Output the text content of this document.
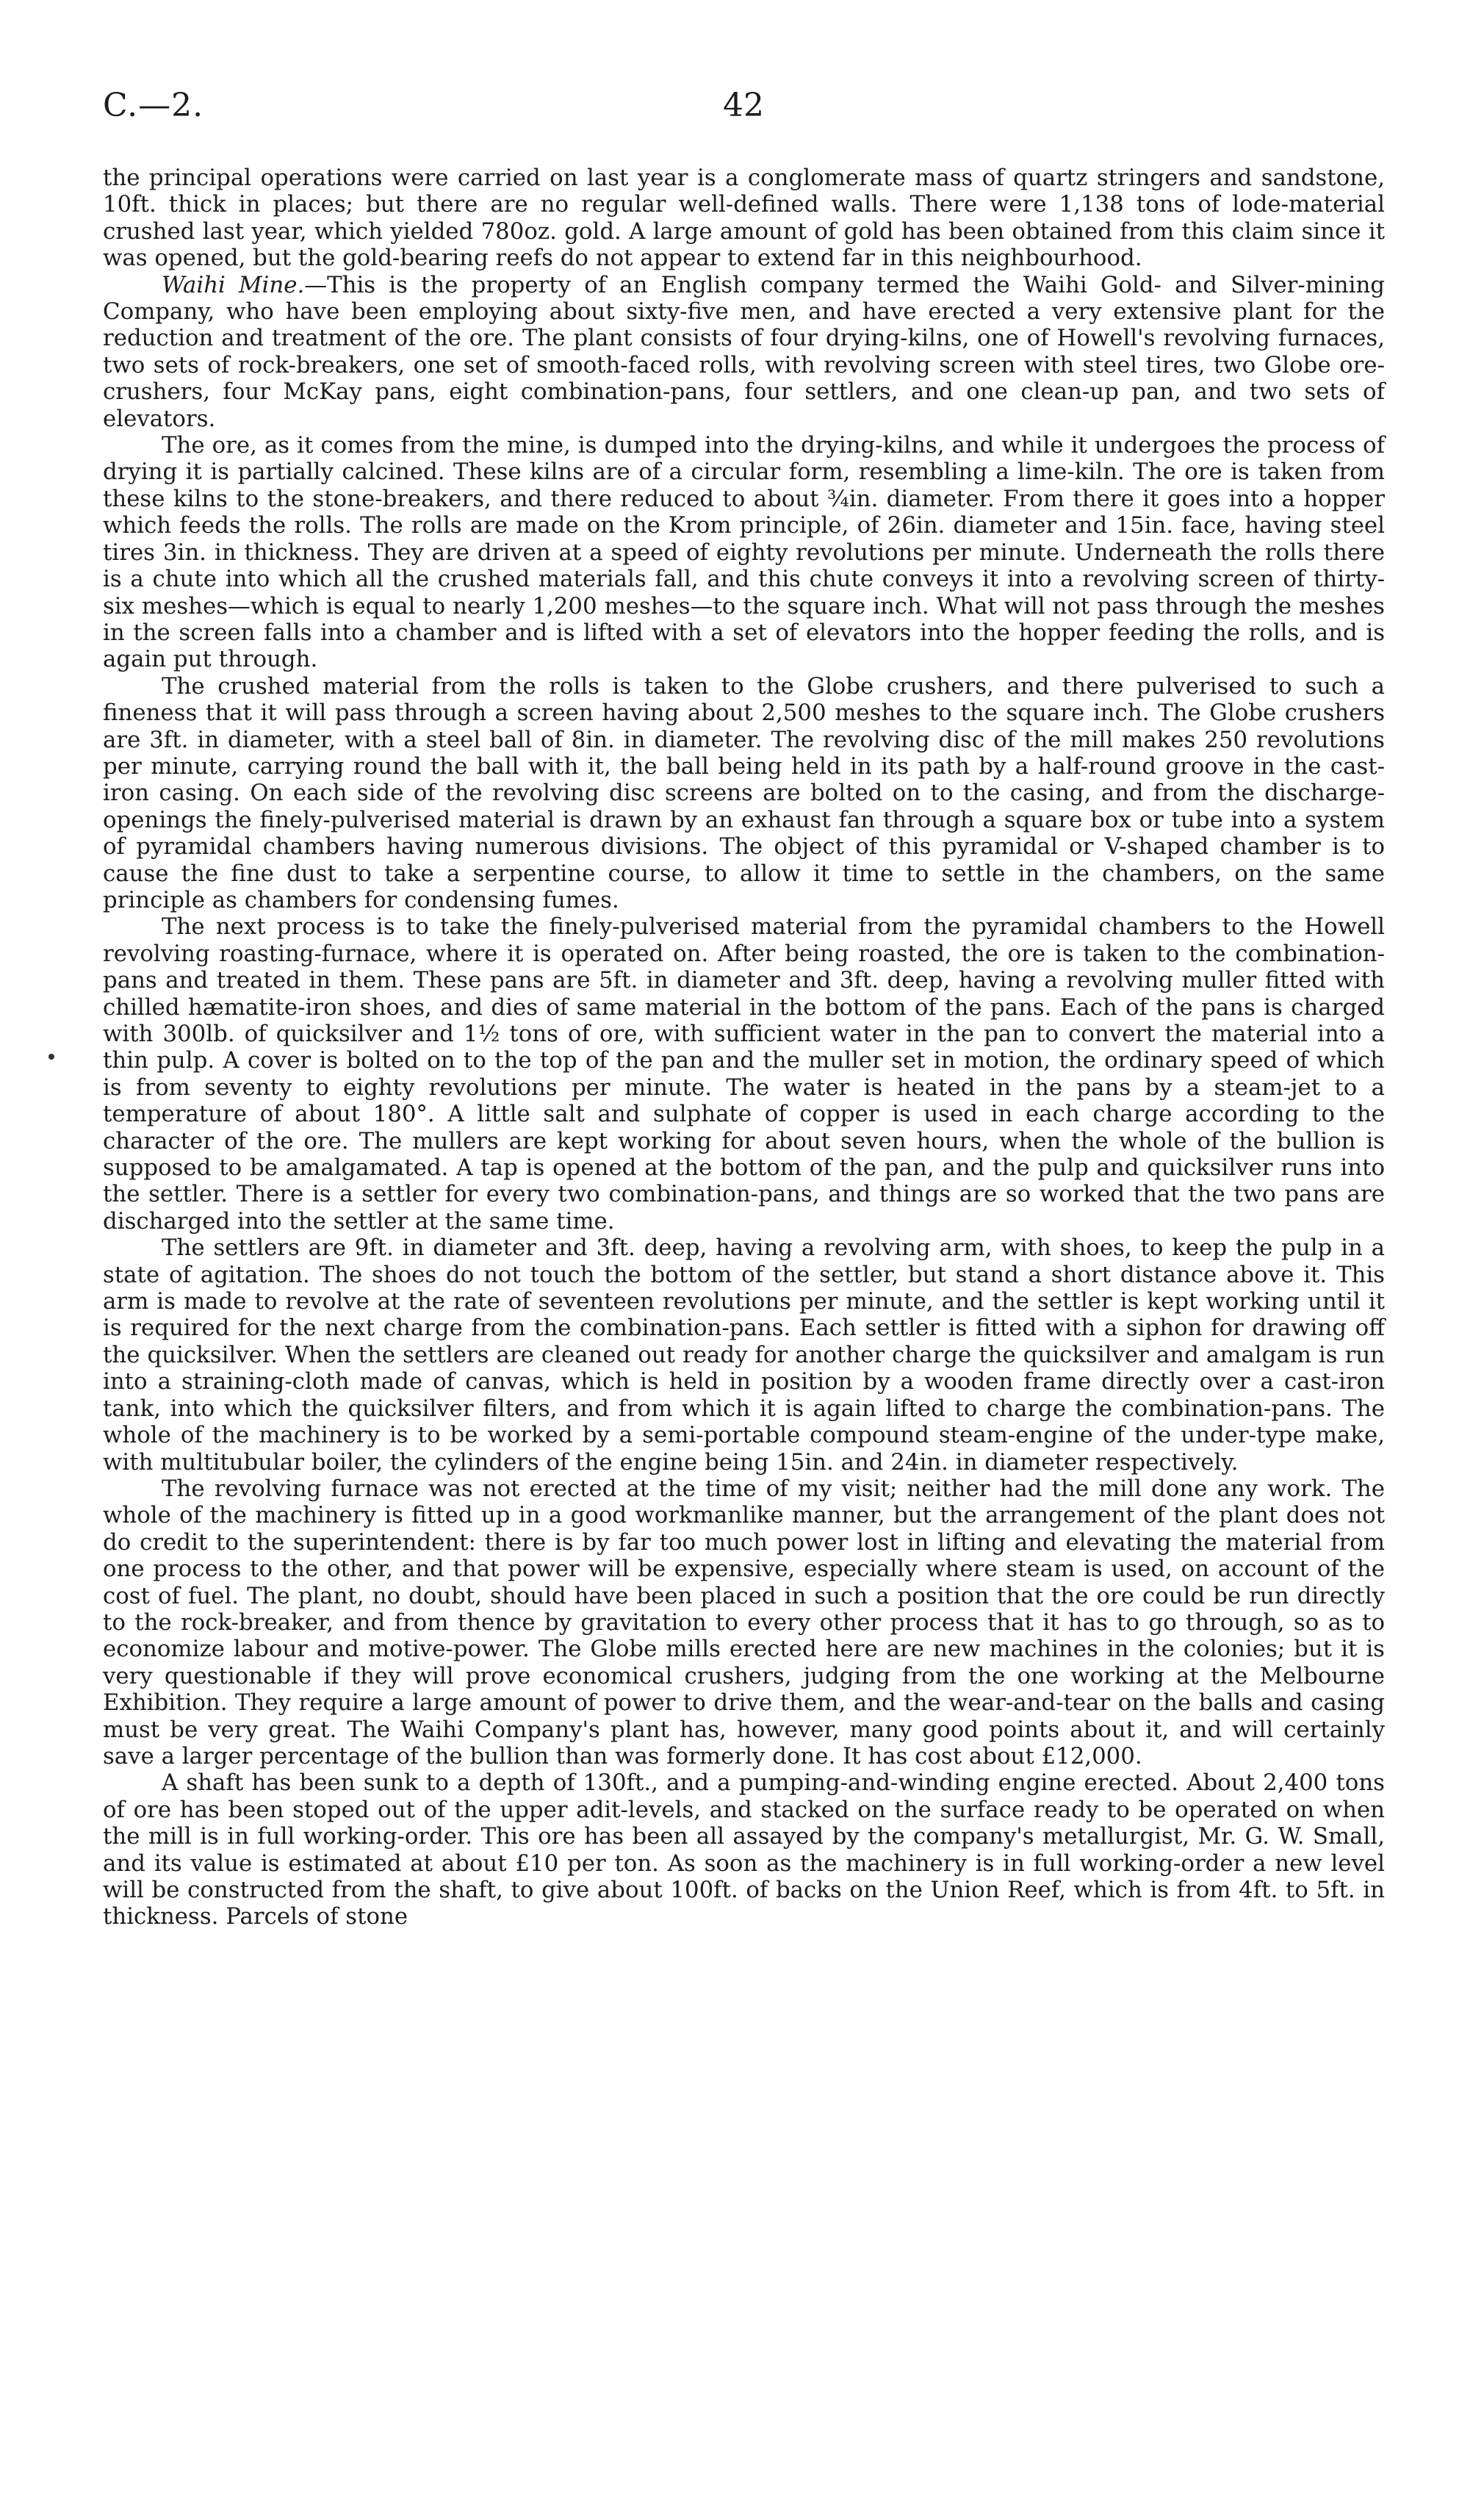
C.—2.	42

the principal operations were carried on last year is a conglomerate mass of quartz stringers and sandstone, 10ft. thick in places; but there are no regular well-defined walls. There were 1,138 tons of lode-material crushed last year, which yielded 780oz. gold. A large amount of gold has been obtained from this claim since it was opened, but the gold-bearing reefs do not appear to extend far in this neighbourhood.

Waihi Mine.—This is the property of an English company termed the Waihi Gold- and Silver-mining Company, who have been employing about sixty-five men, and have erected a very extensive plant for the reduction and treatment of the ore. The plant consists of four drying-kilns, one of Howell's revolving furnaces, two sets of rock-breakers, one set of smooth-faced rolls, with revolving screen with steel tires, two Globe ore-crushers, four McKay pans, eight combination-pans, four settlers, and one clean-up pan, and two sets of elevators.

The ore, as it comes from the mine, is dumped into the drying-kilns, and while it undergoes the process of drying it is partially calcined. These kilns are of a circular form, resembling a lime-kiln. The ore is taken from these kilns to the stone-breakers, and there reduced to about ¾in. diameter. From there it goes into a hopper which feeds the rolls. The rolls are made on the Krom principle, of 26in. diameter and 15in. face, having steel tires 3in. in thickness. They are driven at a speed of eighty revolutions per minute. Underneath the rolls there is a chute into which all the crushed materials fall, and this chute conveys it into a revolving screen of thirty-six meshes—which is equal to nearly 1,200 meshes—to the square inch. What will not pass through the meshes in the screen falls into a chamber and is lifted with a set of elevators into the hopper feeding the rolls, and is again put through.

The crushed material from the rolls is taken to the Globe crushers, and there pulverised to such a fineness that it will pass through a screen having about 2,500 meshes to the square inch. The Globe crushers are 3ft. in diameter, with a steel ball of 8in. in diameter. The revolving disc of the mill makes 250 revolutions per minute, carrying round the ball with it, the ball being held in its path by a half-round groove in the cast-iron casing. On each side of the revolving disc screens are bolted on to the casing, and from the discharge-openings the finely-pulverised material is drawn by an exhaust fan through a square box or tube into a system of pyramidal chambers having numerous divisions. The object of this pyramidal or V-shaped chamber is to cause the fine dust to take a serpentine course, to allow it time to settle in the chambers, on the same principle as chambers for condensing fumes.

The next process is to take the finely-pulverised material from the pyramidal chambers to the Howell revolving roasting-furnace, where it is operated on. After being roasted, the ore is taken to the combination-pans and treated in them. These pans are 5ft. in diameter and 3ft. deep, having a revolving muller fitted with chilled hæmatite-iron shoes, and dies of same material in the bottom of the pans. Each of the pans is charged with 300lb. of quicksilver and 1½ tons of ore, with sufficient water in the pan to convert the material into a thin pulp. A cover is bolted on to the top of the pan and the muller set in motion, the ordinary speed of which is from seventy to eighty revolutions per minute. The water is heated in the pans by a steam-jet to a temperature of about 180°. A little salt and sulphate of copper is used in each charge according to the character of the ore. The mullers are kept working for about seven hours, when the whole of the bullion is supposed to be amalgamated. A tap is opened at the bottom of the pan, and the pulp and quicksilver runs into the settler. There is a settler for every two combination-pans, and things are so worked that the two pans are discharged into the settler at the same time.

The settlers are 9ft. in diameter and 3ft. deep, having a revolving arm, with shoes, to keep the pulp in a state of agitation. The shoes do not touch the bottom of the settler, but stand a short distance above it. This arm is made to revolve at the rate of seventeen revolutions per minute, and the settler is kept working until it is required for the next charge from the combination-pans. Each settler is fitted with a siphon for drawing off the quicksilver. When the settlers are cleaned out ready for another charge the quicksilver and amalgam is run into a straining-cloth made of canvas, which is held in position by a wooden frame directly over a cast-iron tank, into which the quicksilver filters, and from which it is again lifted to charge the combination-pans. The whole of the machinery is to be worked by a semi-portable compound steam-engine of the under-type make, with multitubular boiler, the cylinders of the engine being 15in. and 24in. in diameter respectively.

The revolving furnace was not erected at the time of my visit; neither had the mill done any work. The whole of the machinery is fitted up in a good workmanlike manner, but the arrangement of the plant does not do credit to the superintendent: there is by far too much power lost in lifting and elevating the material from one process to the other, and that power will be expensive, especially where steam is used, on account of the cost of fuel. The plant, no doubt, should have been placed in such a position that the ore could be run directly to the rock-breaker, and from thence by gravitation to every other process that it has to go through, so as to economize labour and motive-power. The Globe mills erected here are new machines in the colonies; but it is very questionable if they will prove economical crushers, judging from the one working at the Melbourne Exhibition. They require a large amount of power to drive them, and the wear-and-tear on the balls and casing must be very great. The Waihi Company's plant has, however, many good points about it, and will certainly save a larger percentage of the bullion than was formerly done. It has cost about £12,000.

A shaft has been sunk to a depth of 130ft., and a pumping-and-winding engine erected. About 2,400 tons of ore has been stoped out of the upper adit-levels, and stacked on the surface ready to be operated on when the mill is in full working-order. This ore has been all assayed by the company's metallurgist, Mr. G. W. Small, and its value is estimated at about £10 per ton. As soon as the machinery is in full working-order a new level will be constructed from the shaft, to give about 100ft. of backs on the Union Reef, which is from 4ft. to 5ft. in thickness. Parcels of stone
